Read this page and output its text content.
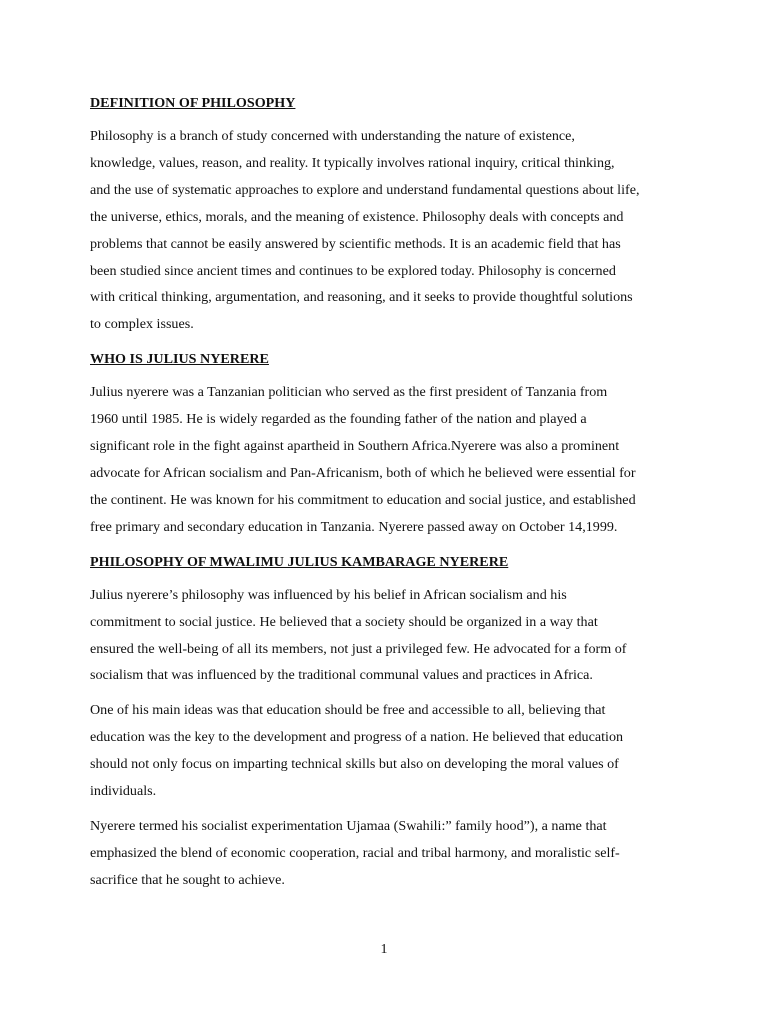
DEFINITION OF PHILOSOPHY
Philosophy is a branch of study concerned with understanding the nature of existence,
knowledge, values, reason, and reality. It typically involves rational inquiry, critical thinking,
and the use of systematic approaches to explore and understand fundamental questions about life,
the universe, ethics, morals, and the meaning of existence. Philosophy deals with concepts and
problems that cannot be easily answered by scientific methods. It is an academic field that has
been studied since ancient times and continues to be explored today. Philosophy is concerned
with critical thinking, argumentation, and reasoning, and it seeks to provide thoughtful solutions
to complex issues.
WHO IS JULIUS NYERERE
Julius nyerere was a Tanzanian politician who served as the first president of Tanzania from
1960 until 1985. He is widely regarded as the founding father of the nation and played a
significant role in the fight against apartheid in Southern Africa.Nyerere was also a prominent
advocate for African socialism and Pan-Africanism, both of which he believed were essential for
the continent. He was known for his commitment to education and social justice, and established
free primary and secondary education in Tanzania. Nyerere passed away on October 14,1999.
PHILOSOPHY OF MWALIMU JULIUS KAMBARAGE NYERERE
Julius nyerere’s philosophy was influenced by his belief in African socialism and his
commitment to social justice. He believed that a society should be organized in a way that
ensured the well-being of all its members, not just a privileged few. He advocated for a form of
socialism that was influenced by the traditional communal values and practices in Africa.
One of his main ideas was that education should be free and accessible to all, believing that
education was the key to the development and progress of a nation. He believed that education
should not only focus on imparting technical skills but also on developing the moral values of
individuals.
Nyerere termed his socialist experimentation Ujamaa (Swahili:” family hood”), a name that
emphasized the blend of economic cooperation, racial and tribal harmony, and moralistic self-
sacrifice that he sought to achieve.
1
